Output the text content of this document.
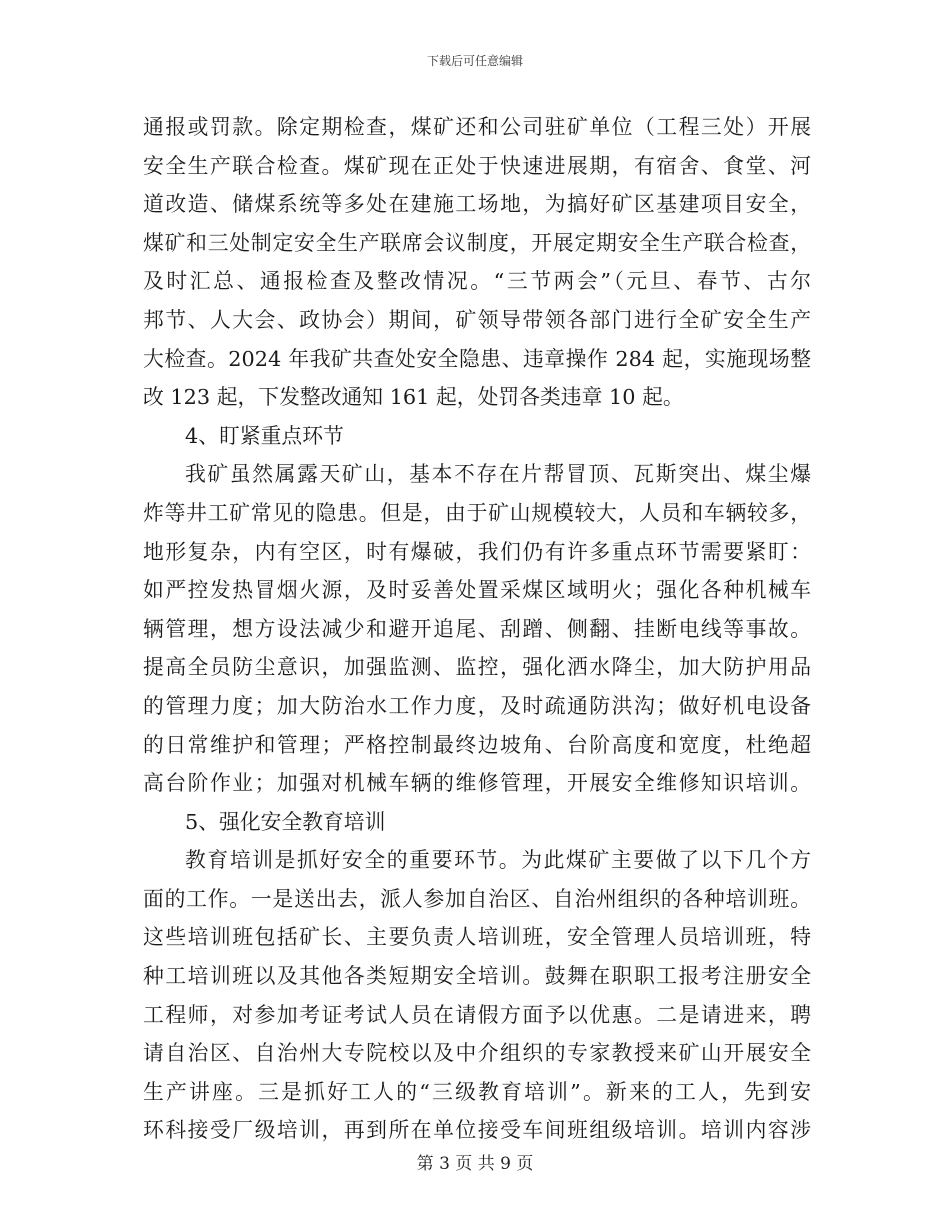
下载后可任意编辑
通报或罚款。除定期检查，煤矿还和公司驻矿单位（工程三处）开展
安全生产联合检查。煤矿现在正处于快速进展期，有宿舍、食堂、河
道改造、储煤系统等多处在建施工场地，为搞好矿区基建项目安全，
煤矿和三处制定安全生产联席会议制度，开展定期安全生产联合检查，
及时汇总、通报检查及整改情况。“三节两会”（元旦、春节、古尔
邦节、人大会、政协会）期间，矿领导带领各部门进行全矿安全生产
大检查。2024 年我矿共查处安全隐患、违章操作 284 起，实施现场整
改 123 起，下发整改通知 161 起，处罚各类违章 10 起。
4、盯紧重点环节
我矿虽然属露天矿山，基本不存在片帮冒顶、瓦斯突出、煤尘爆
炸等井工矿常见的隐患。但是，由于矿山规模较大，人员和车辆较多，
地形复杂，内有空区，时有爆破，我们仍有许多重点环节需要紧盯：
如严控发热冒烟火源，及时妥善处置采煤区域明火；强化各种机械车
辆管理，想方设法减少和避开追尾、刮蹭、侧翻、挂断电线等事故。
提高全员防尘意识，加强监测、监控，强化洒水降尘，加大防护用品
的管理力度；加大防治水工作力度，及时疏通防洪沟；做好机电设备
的日常维护和管理；严格控制最终边坡角、台阶高度和宽度，杜绝超
高台阶作业；加强对机械车辆的维修管理，开展安全维修知识培训。
5、强化安全教育培训
教育培训是抓好安全的重要环节。为此煤矿主要做了以下几个方
面的工作。一是送出去，派人参加自治区、自治州组织的各种培训班。
这些培训班包括矿长、主要负责人培训班，安全管理人员培训班，特
种工培训班以及其他各类短期安全培训。鼓舞在职职工报考注册安全
工程师，对参加考证考试人员在请假方面予以优惠。二是请进来，聘
请自治区、自治州大专院校以及中介组织的专家教授来矿山开展安全
生产讲座。三是抓好工人的“三级教育培训”。新来的工人，先到安
环科接受厂级培训，再到所在单位接受车间班组级培训。培训内容涉
第 3 页 共 9 页
